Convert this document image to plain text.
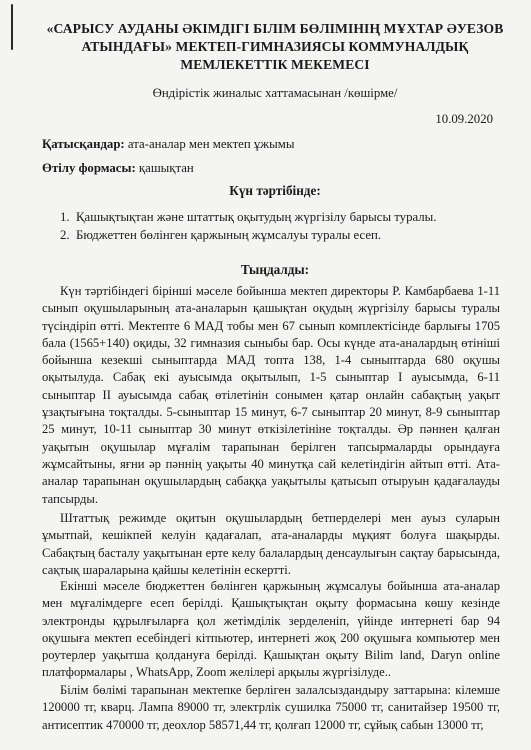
«САРЫСУ АУДАНЫ ӘКІМДІГІ БІЛІМ БӨЛІМІНІҢ МҰХТАР ӘУЕЗОВ АТЫНДАҒЫ» МЕКТЕП-ГИМНАЗИЯСЫ КОММУНАЛДЫҚ МЕМЛЕКЕТТІК МЕКЕМЕСІ
Өндірістік жиналыс хаттамасынан /көшірме/
10.09.2020
Қатысқандар: ата-аналар мен мектеп ұжымы
Өтілу формасы: қашықтан
Күн тәртібінде:
1. Қашықтықтан және штаттық оқытудың жүргізілу барысы туралы.
2. Бюджеттен бөлінген қаржының жұмсалуы туралы есеп.
Тыңдалды:

Күн тәртібіндегі бірінші мәселе бойынша мектеп директоры Р. Камбарбаева 1-11 сынып оқушыларының ата-аналарын қашықтан оқудың жүргізілу барысы туралы түсіндіріп өтті. Мектепте 6 МАД тобы мен 67 сынып комплектісінде барлығы 1705 бала (1565+140) оқиды, 32 гимназия сыныбы бар. Осы күнде ата-аналардың өтініші бойынша кезекші сыныптарда МАД топта 138, 1-4 сыныптарда 680 оқушы оқытылуда. Сабақ екі ауысымда оқытылып, 1-5 сыныптар І ауысымда, 6-11 сыныптар ІІ ауысымда сабақ өтілетінін сонымен қатар онлайн сабақтың уақыт ұзақтығына тоқталды. 5-сыныптар 15 минут, 6-7 сыныптар 20 минут, 8-9 сыныптар 25 минут, 10-11 сыныптар 30 минут өткізілетініне тоқталды. Әр пәннен қалған уақытын оқушылар мұғалім тарапынан берілген тапсырмаларды орындауға жұмсайтыны, яғни әр пәннің уақыты 40 минутқа сай келетіндігін айтып өтті. Ата-аналар тарапынан оқушылардың сабаққа уақытылы қатысып отыруын қадағалауды тапсырды.

Штаттық режимде оқитын оқушылардың бетперделері мен ауыз суларын ұмытпай, кешікпей келуін қадағалап, ата-аналарды мұқият болуға шақырды. Сабақтың басталу уақытынан ерте келу балалардың денсаулығын сақтау барысында, сақтық шараларына қайшы келетінін ескертті.

Екінші мәселе бюджеттен бөлінген қаржының жұмсалуы бойынша ата-аналар мен мұғалімдерге есеп берілді. Қашықтықтан оқыту формасына көшу кезінде электронды құрылғыларға қол жетімділік зерделеніп, үйінде интернеті бар 94 оқушыға мектеп есебіндегі кітпьютер, интернеті жоқ 200 оқушыға компьютер мен роутерлер уақытша қолдануға берілді. Қашықтан оқыту Bilim land, Daryn online платформалары , WhatsApp, Zoom желілері арқылы жүргізілуде..

Білім бөлімі тарапынан мектепке берліген залалсыздандыру заттарына: кілемше 120000 тг, кварц. Лампа 89000 тг, электрлік сушилка 75000 тг, санитайзер 19500 тг, антисептик 470000 тг, деохлор 58571,44 тг, қолғап 12000 тг, сұйық сабын 13000 тг,
